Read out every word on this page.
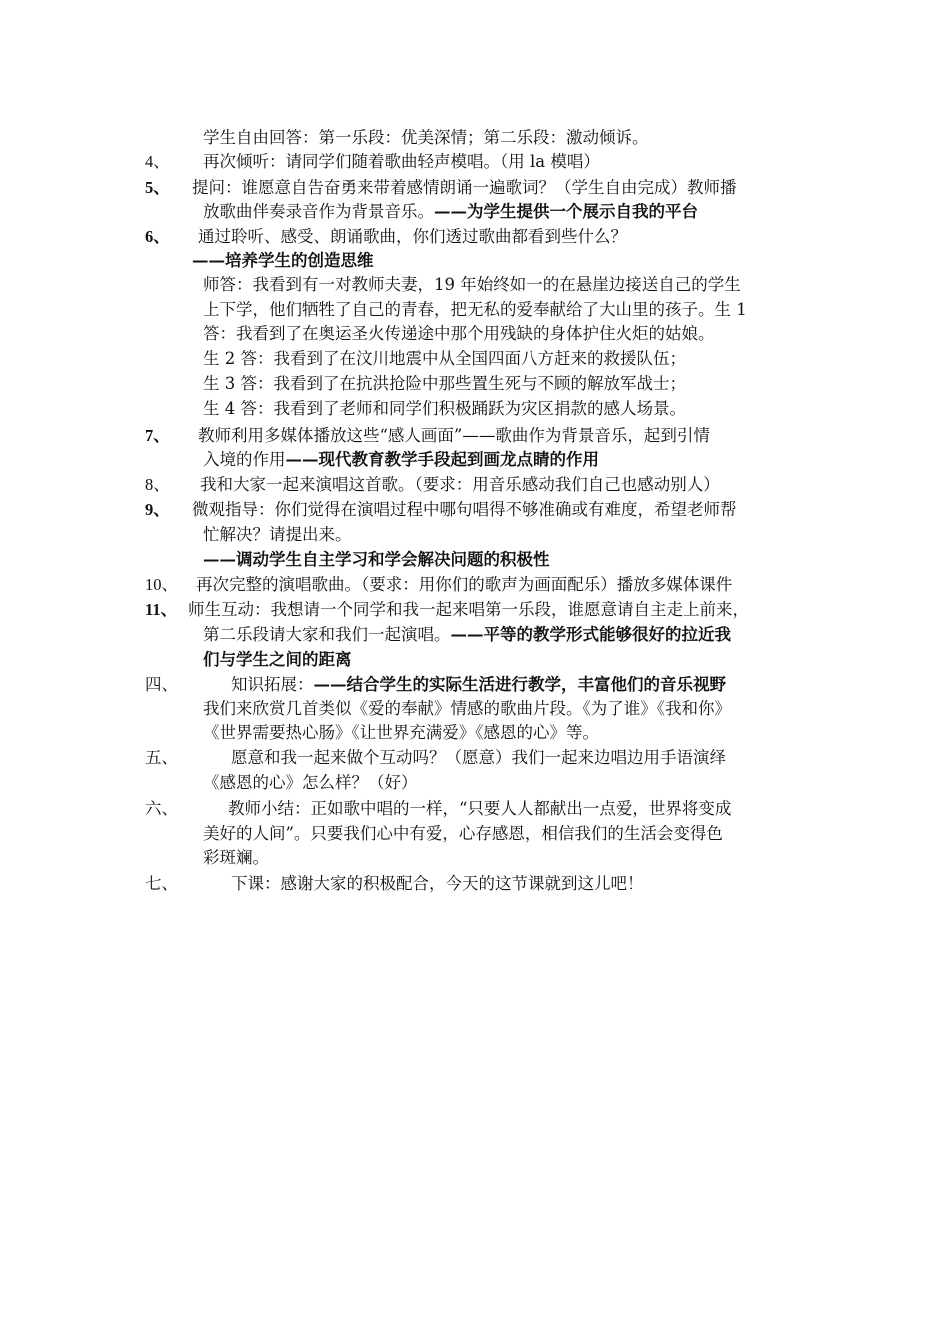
学生自由回答：第一乐段：优美深情；第二乐段：激动倾诉。
4、 再次倾听：请同学们随着歌曲轻声模唱。（用 la 模唱）
5、 提问：谁愿意自告奋勇来带着感情朗诵一遍歌词？（学生自由完成）教师播
放歌曲伴奏录音作为背景音乐。——为学生提供一个展示自我的平台
6、 通过聆听、感受、朗诵歌曲，你们透过歌曲都看到些什么？
——培养学生的创造思维
师答：我看到有一对教师夫妻，19 年始终如一的在悬崖边接送自己的学生
上下学，他们牺牲了自己的青春，把无私的爱奉献给了大山里的孩子。生 1
答：我看到了在奥运圣火传递途中那个用残缺的身体护住火炬的姑娘。
生 2 答：我看到了在汶川地震中从全国四面八方赶来的救援队伍；
生 3 答：我看到了在抗洪抢险中那些置生死与不顾的解放军战士；
生 4 答：我看到了老师和同学们积极踊跃为灾区捐款的感人场景。
7、 教师利用多媒体播放这些“感人画面”——歌曲作为背景音乐，起到引情
入境的作用——现代教育教学手段起到画龙点睛的作用
8、 我和大家一起来演唱这首歌。（要求：用音乐感动我们自己也感动别人）
9、 微观指导：你们觉得在演唱过程中哪句唱得不够准确或有难度，希望老师帮
忙解决？请提出来。
——调动学生自主学习和学会解决问题的积极性
10、 再次完整的演唱歌曲。（要求：用你们的歌声为画面配乐）播放多媒体课件
11、 师生互动：我想请一个同学和我一起来唱第一乐段，谁愿意请自主走上前来，
第二乐段请大家和我们一起演唱。——平等的教学形式能够很好的拉近我
们与学生之间的距离
四、	知识拓展：——结合学生的实际生活进行教学，丰富他们的音乐视野
我们来欣赏几首类似《爱的奉献》情感的歌曲片段。《为了谁》《我和你》
《世界需要热心肠》《让世界充满爱》《感恩的心》等。
五、	愿意和我一起来做个互动吗？（愿意）我们一起来边唱边用手语演绎
《感恩的心》怎么样？（好）
六、	教师小结：正如歌中唱的一样，“只要人人都献出一点爱，世界将变成
美好的人间”。只要我们心中有爱，心存感恩，相信我们的生活会变得色
彩斑斓。
七、	下课：感谢大家的积极配合，今天的这节课就到这儿吧！
